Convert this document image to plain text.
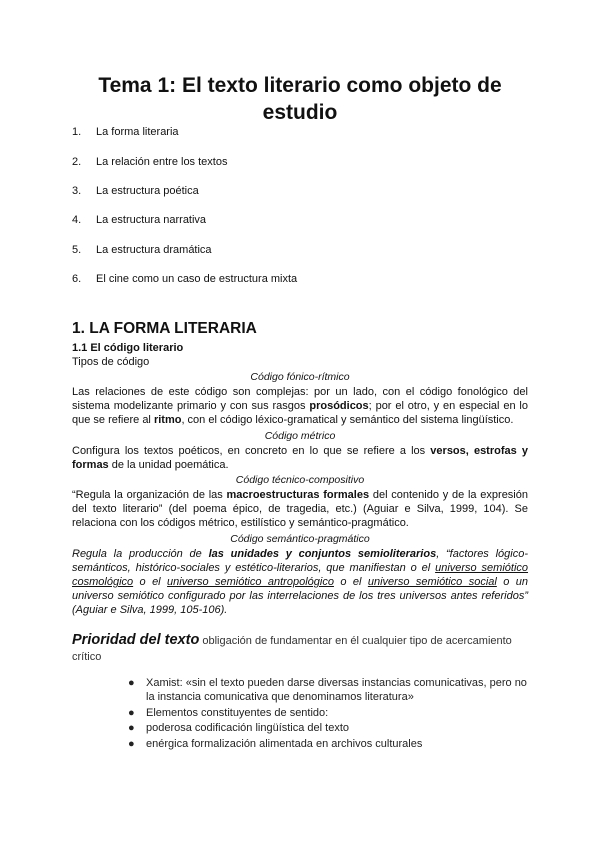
Tema 1: El texto literario como objeto de estudio
1. La forma literaria
2. La relación entre los textos
3. La estructura poética
4. La estructura narrativa
5. La estructura dramática
6. El cine como un caso de estructura mixta
1. LA FORMA LITERARIA
1.1 El código literario
Tipos de código
Código fónico-rítmico

Las relaciones de este código son complejas: por un lado, con el código fonológico del sistema modelizante primario y con sus rasgos prosódicos; por el otro, y en especial en lo que se refiere al ritmo, con el código léxico-gramatical y semántico del sistema lingüístico.

Código métrico

Configura los textos poéticos, en concreto en lo que se refiere a los versos, estrofas y formas de la unidad poemática.

Código técnico-compositivo

“Regula la organización de las macroestructuras formales del contenido y de la expresión del texto literario” (del poema épico, de tragedia, etc.) (Aguiar e Silva, 1999, 104). Se relaciona con los códigos métrico, estilístico y semántico-pragmático.

Código semántico-pragmático

Regula la producción de las unidades y conjuntos semioliterarios, “factores lógico-semánticos, histórico-sociales y estético-literarios, que manifiestan o el universo semiótico cosmológico o el universo semiótico antropológico o el universo semiótico social o un universo semiótico configurado por las interrelaciones de los tres universos antes referidos” (Aguiar e Silva, 1999, 105-106).

Prioridad del texto obligación de fundamentar en él cualquier tipo de acercamiento crítico
● Xamist: «sin el texto pueden darse diversas instancias comunicativas, pero no la instancia comunicativa que denominamos literatura»
● Elementos constituyentes de sentido:
● poderosa codificación lingüística del texto
● enérgica formalización alimentada en archivos culturales
